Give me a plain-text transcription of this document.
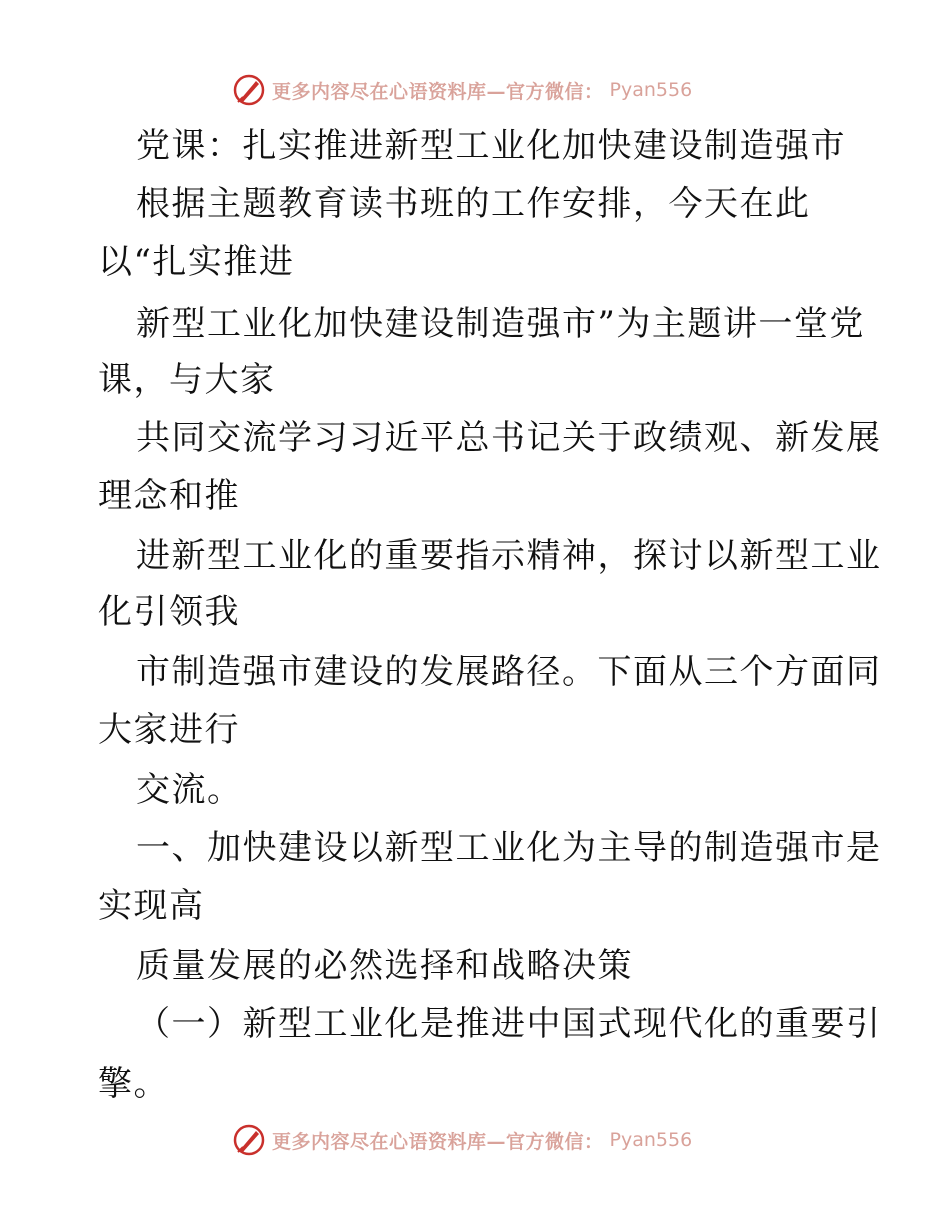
更多内容尽在心语资料库—官方微信： Pyan556
党课：扎实推进新型工业化加快建设制造强市
根据主题教育读书班的工作安排，今天在此
以“扎实推进
新型工业化加快建设制造强市”为主题讲一堂党
课，与大家
共同交流学习习近平总书记关于政绩观、新发展
理念和推
进新型工业化的重要指示精神，探讨以新型工业
化引领我
市制造强市建设的发展路径。下面从三个方面同
大家进行
交流。
一、加快建设以新型工业化为主导的制造强市是
实现高
质量发展的必然选择和战略决策
（一）新型工业化是推进中国式现代化的重要引
擎。
更多内容尽在心语资料库—官方微信： Pyan556
